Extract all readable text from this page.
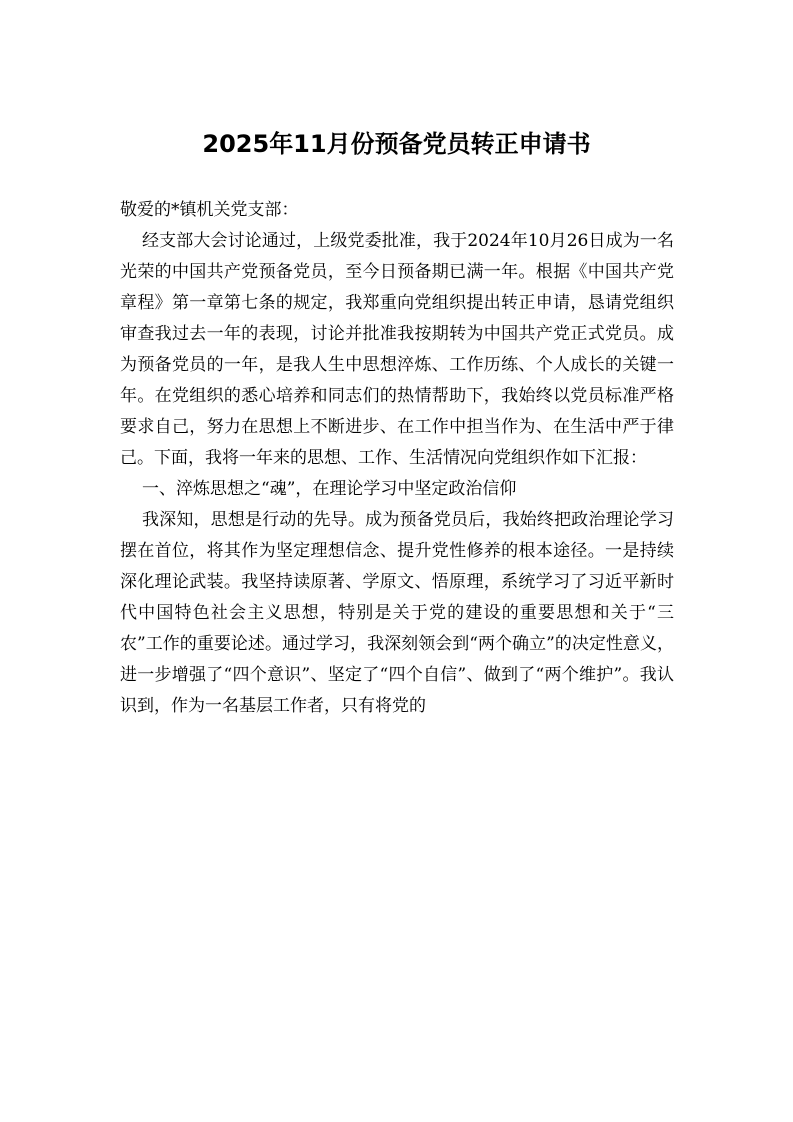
2025年11月份预备党员转正申请书

敬爱的*镇机关党支部：

经支部大会讨论通过，上级党委批准，我于2024年10月26日成为一名光荣的中国共产党预备党员，至今日预备期已满一年。根据《中国共产党章程》第一章第七条的规定，我郑重向党组织提出转正申请，恳请党组织审查我过去一年的表现，讨论并批准我按期转为中国共产党正式党员。成为预备党员的一年，是我人生中思想淬炼、工作历练、个人成长的关键一年。在党组织的悉心培养和同志们的热情帮助下，我始终以党员标准严格要求自己，努力在思想上不断进步、在工作中担当作为、在生活中严于律己。下面，我将一年来的思想、工作、生活情况向党组织作如下汇报：

一、淬炼思想之“魂”，在理论学习中坚定政治信仰

我深知，思想是行动的先导。成为预备党员后，我始终把政治理论学习摆在首位，将其作为坚定理想信念、提升党性修养的根本途径。一是持续深化理论武装。我坚持读原著、学原文、悟原理，系统学习了习近平新时代中国特色社会主义思想，特别是关于党的建设的重要思想和关于“三农”工作的重要论述。通过学习，我深刻领会到“两个确立”的决定性意义，进一步增强了“四个意识”、坚定了“四个自信”、做到了“两个维护”。我认识到，作为一名基层工作者，只有将党的
